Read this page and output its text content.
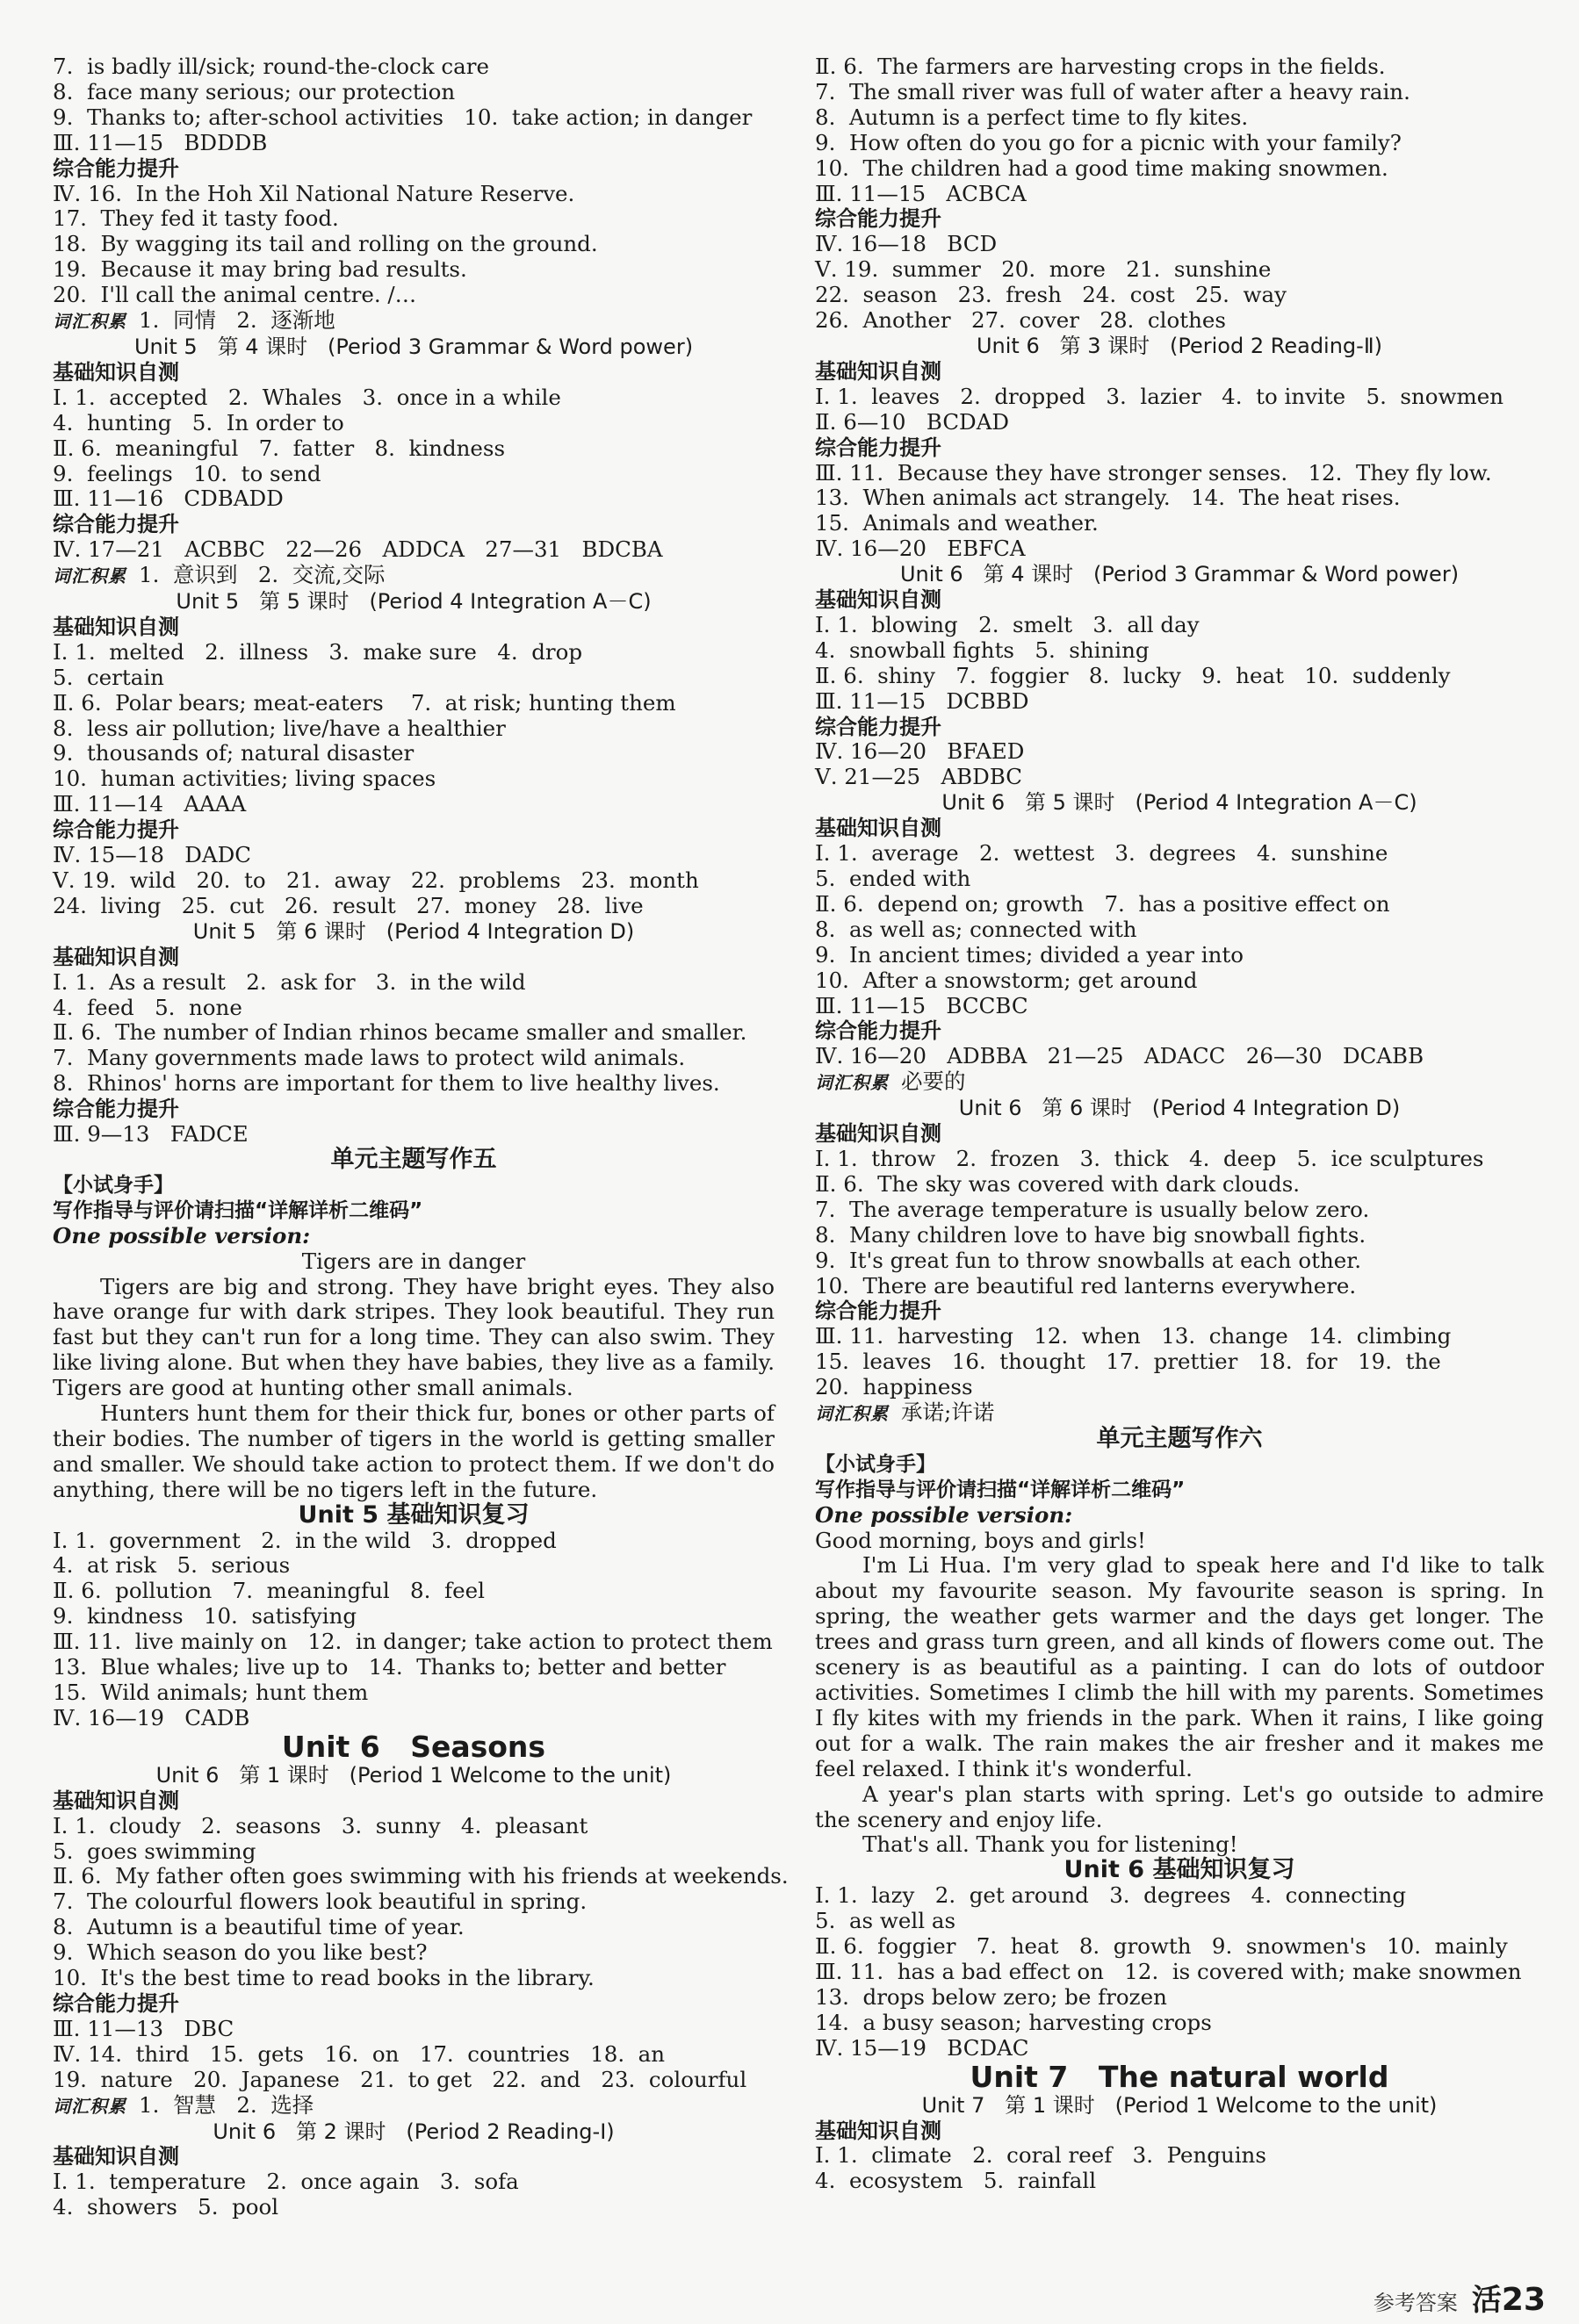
7.  is badly ill/sick; round-the-clock care
8.  face many serious; our protection
9.  Thanks to; after-school activities   10.  take action; in danger
Ⅲ. 11—15   BDDDB
综合能力提升
Ⅳ. 16.  In the Hoh Xil National Nature Reserve.
17.  They fed it tasty food.
18.  By wagging its tail and rolling on the ground.
19.  Because it may bring bad results.
20.  I'll call the animal centre. /…
词汇积累 1.  同情   2.  逐渐地
Unit 5   第 4 课时   (Period 3 Grammar & Word power)
基础知识自测
Ⅰ. 1.  accepted   2.  Whales   3.  once in a while
4.  hunting   5.  In order to
Ⅱ. 6.  meaningful   7.  fatter   8.  kindness
9.  feelings   10.  to send
Ⅲ. 11—16   CDBADD
综合能力提升
Ⅳ. 17—21   ACBBC   22—26   ADDCA   27—31   BDCBA
词汇积累 1.  意识到   2.  交流,交际
Unit 5   第 5 课时   (Period 4 Integration A－C)
基础知识自测
Ⅰ. 1.  melted   2.  illness   3.  make sure   4.  drop
5.  certain
Ⅱ. 6.  Polar bears; meat-eaters    7.  at risk; hunting them
8.  less air pollution; live/have a healthier
9.  thousands of; natural disaster
10.  human activities; living spaces
Ⅲ. 11—14   AAAA
综合能力提升
Ⅳ. 15—18   DADC
Ⅴ. 19.  wild   20.  to   21.  away   22.  problems   23.  month
24.  living   25.  cut   26.  result   27.  money   28.  live
Unit 5   第 6 课时   (Period 4 Integration D)
基础知识自测
Ⅰ. 1.  As a result   2.  ask for   3.  in the wild
4.  feed   5.  none
Ⅱ. 6.  The number of Indian rhinos became smaller and smaller.
7.  Many governments made laws to protect wild animals.
8.  Rhinos' horns are important for them to live healthy lives.
综合能力提升
Ⅲ. 9—13   FADCE
单元主题写作五
【小试身手】
写作指导与评价请扫描“详解详析二维码”
One possible version:
Tigers are in danger
Tigers are big and strong. They have bright eyes. They also have orange fur with dark stripes. They look beautiful. They run fast but they can't run for a long time. They can also swim. They like living alone. But when they have babies, they live as a family. Tigers are good at hunting other small animals.
Hunters hunt them for their thick fur, bones or other parts of their bodies. The number of tigers in the world is getting smaller and smaller. We should take action to protect them. If we don't do anything, there will be no tigers left in the future.
Unit 5 基础知识复习
Ⅰ. 1.  government   2.  in the wild   3.  dropped
4.  at risk   5.  serious
Ⅱ. 6.  pollution   7.  meaningful   8.  feel
9.  kindness   10.  satisfying
Ⅲ. 11.  live mainly on   12.  in danger; take action to protect them
13.  Blue whales; live up to   14.  Thanks to; better and better
15.  Wild animals; hunt them
Ⅳ. 16—19   CADB
Unit 6   Seasons
Unit 6   第 1 课时   (Period 1 Welcome to the unit)
基础知识自测
Ⅰ. 1.  cloudy   2.  seasons   3.  sunny   4.  pleasant
5.  goes swimming
Ⅱ. 6.  My father often goes swimming with his friends at weekends.
7.  The colourful flowers look beautiful in spring.
8.  Autumn is a beautiful time of year.
9.  Which season do you like best?
10.  It's the best time to read books in the library.
综合能力提升
Ⅲ. 11—13   DBC
Ⅳ. 14.  third   15.  gets   16.  on   17.  countries   18.  an
19.  nature   20.  Japanese   21.  to get   22.  and   23.  colourful
词汇积累 1.  智慧   2.  选择
Unit 6   第 2 课时   (Period 2 Reading-Ⅰ)
基础知识自测
Ⅰ. 1.  temperature   2.  once again   3.  sofa
4.  showers   5.  pool
Ⅱ. 6.  The farmers are harvesting crops in the fields.
7.  The small river was full of water after a heavy rain.
8.  Autumn is a perfect time to fly kites.
9.  How often do you go for a picnic with your family?
10.  The children had a good time making snowmen.
Ⅲ. 11—15   ACBCA
综合能力提升
Ⅳ. 16—18   BCD
Ⅴ. 19.  summer   20.  more   21.  sunshine
22.  season   23.  fresh   24.  cost   25.  way
26.  Another   27.  cover   28.  clothes
Unit 6   第 3 课时   (Period 2 Reading-Ⅱ)
基础知识自测
Ⅰ. 1.  leaves   2.  dropped   3.  lazier   4.  to invite   5.  snowmen
Ⅱ. 6—10   BCDAD
综合能力提升
Ⅲ. 11.  Because they have stronger senses.   12.  They fly low.
13.  When animals act strangely.   14.  The heat rises.
15.  Animals and weather.
Ⅳ. 16—20   EBFCA
Unit 6   第 4 课时   (Period 3 Grammar & Word power)
基础知识自测
Ⅰ. 1.  blowing   2.  smelt   3.  all day
4.  snowball fights   5.  shining
Ⅱ. 6.  shiny   7.  foggier   8.  lucky   9.  heat   10.  suddenly
Ⅲ. 11—15   DCBBD
综合能力提升
Ⅳ. 16—20   BFAED
Ⅴ. 21—25   ABDBC
Unit 6   第 5 课时   (Period 4 Integration A－C)
基础知识自测
Ⅰ. 1.  average   2.  wettest   3.  degrees   4.  sunshine
5.  ended with
Ⅱ. 6.  depend on; growth   7.  has a positive effect on
8.  as well as; connected with
9.  In ancient times; divided a year into
10.  After a snowstorm; get around
Ⅲ. 11—15   BCCBC
综合能力提升
Ⅳ. 16—20   ADBBA   21—25   ADACC   26—30   DCABB
词汇积累 必要的
Unit 6   第 6 课时   (Period 4 Integration D)
基础知识自测
Ⅰ. 1.  throw   2.  frozen   3.  thick   4.  deep   5.  ice sculptures
Ⅱ. 6.  The sky was covered with dark clouds.
7.  The average temperature is usually below zero.
8.  Many children love to have big snowball fights.
9.  It's great fun to throw snowballs at each other.
10.  There are beautiful red lanterns everywhere.
综合能力提升
Ⅲ. 11.  harvesting   12.  when   13.  change   14.  climbing
15.  leaves   16.  thought   17.  prettier   18.  for   19.  the
20.  happiness
词汇积累 承诺;许诺
单元主题写作六
【小试身手】
写作指导与评价请扫描“详解详析二维码”
One possible version:
Good morning, boys and girls!
I'm Li Hua. I'm very glad to speak here and I'd like to talk about my favourite season. My favourite season is spring. In spring, the weather gets warmer and the days get longer. The trees and grass turn green, and all kinds of flowers come out. The scenery is as beautiful as a painting. I can do lots of outdoor activities. Sometimes I climb the hill with my parents. Sometimes I fly kites with my friends in the park. When it rains, I like going out for a walk. The rain makes the air fresher and it makes me feel relaxed. I think it's wonderful.
A year's plan starts with spring. Let's go outside to admire the scenery and enjoy life.
That's all. Thank you for listening!
Unit 6 基础知识复习
Ⅰ. 1.  lazy   2.  get around   3.  degrees   4.  connecting
5.  as well as
Ⅱ. 6.  foggier   7.  heat   8.  growth   9.  snowmen's   10.  mainly
Ⅲ. 11.  has a bad effect on   12.  is covered with; make snowmen
13.  drops below zero; be frozen
14.  a busy season; harvesting crops
Ⅳ. 15—19   BCDAC
Unit 7   The natural world
Unit 7   第 1 课时   (Period 1 Welcome to the unit)
基础知识自测
Ⅰ. 1.  climate   2.  coral reef   3.  Penguins
4.  ecosystem   5.  rainfall
参考答案 活23
